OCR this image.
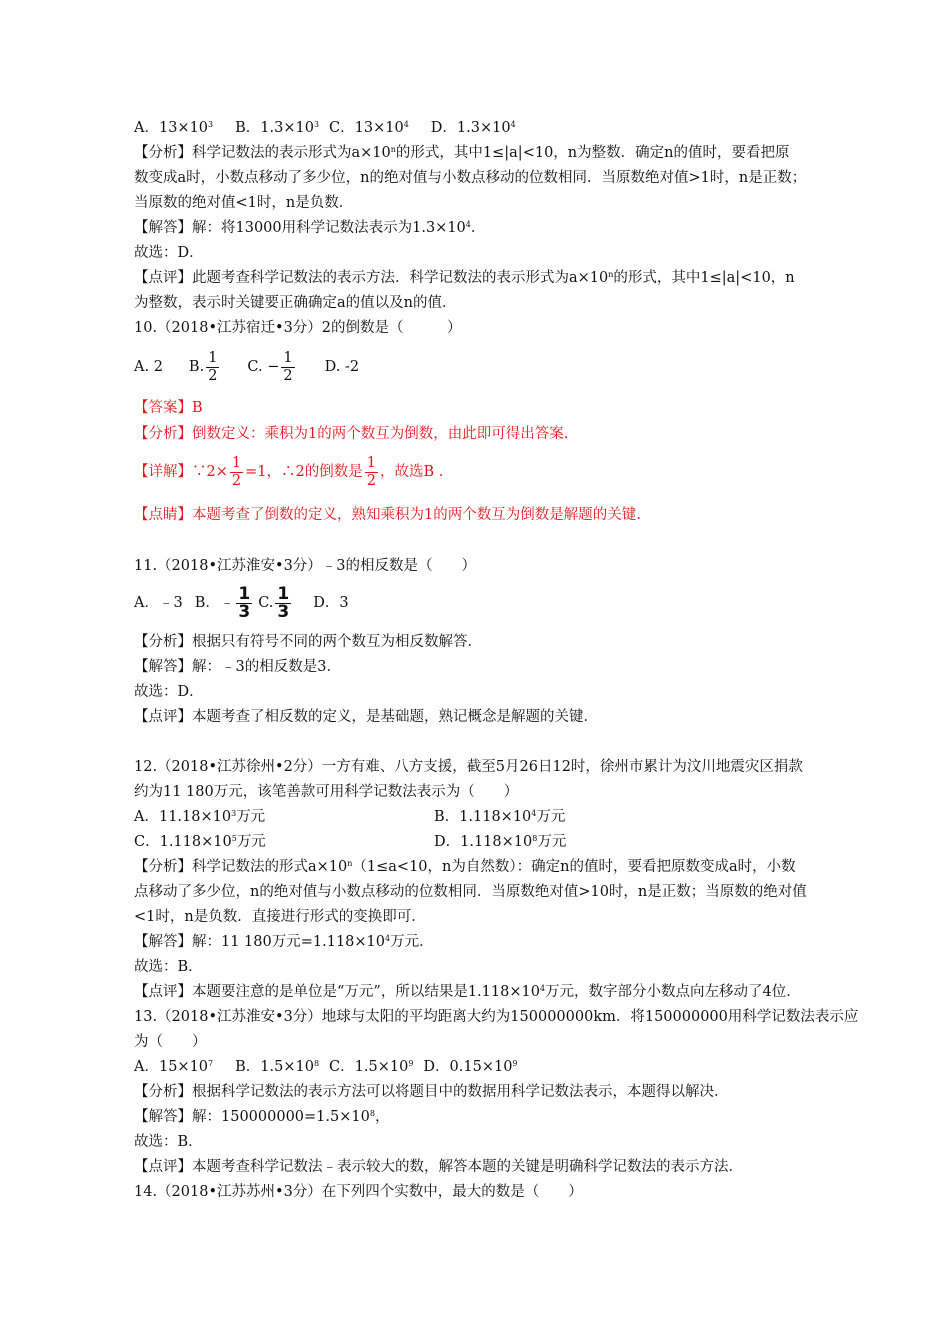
A．$13\times 10^3$ B．$1.3\times 10^3$ C．$13\times 10^4$ D．$1.3\times 10^4$
【分析】科学记数法的表示形式为$a\times 10^n$的形式，其中1≤|a|<10，n为整数．确定n的值时，要看把原
数变成a时，小数点移动了多少位，n的绝对值与小数点移动的位数相同．当原数绝对值>1时，n是正数；
当原数的绝对值<1时，n是负数．
【解答】解：将13000用科学记数法表示为$1.3\times 10^4$．
故选：D．
【点评】此题考查科学记数法的表示方法．科学记数法的表示形式为$a\times 10^n$的形式，其中1≤|a|<10，n
为整数，表示时关键要正确确定a的值以及n的值．
10.（2018•江苏宿迁•3分）2的倒数是（　　　）
A. 2 B. $\frac{1}{2} C$. − $\frac{1}{2} D$. -2
【答案】B
【分析】倒数定义：乘积为1的两个数互为倒数，由此即可得出答案.
【详解】∵2× $\frac{1}{2} =1$，∴2的倒数是 $\frac{1}{2}$ ，故选B .
【点睛】本题考查了倒数的定义，熟知乘积为1的两个数互为倒数是解题的关键.
11.（2018•江苏淮安•3分）﹣3的相反数是（　　）
A．﹣3 B．﹣ $\frac{1}{3} C$. $\frac{1}{3}$ D．3
【分析】根据只有符号不同的两个数互为相反数解答．
【解答】解：﹣3的相反数是3．
故选：D．
【点评】本题考查了相反数的定义，是基础题，熟记概念是解题的关键．
12.（2018•江苏徐州•2分）一方有难、八方支援，截至5月26日12时，徐州市累计为汶川地震灾区捐款
约为11 180万元，该笔善款可用科学记数法表示为（　　）
A．$11.18\times 10^3$万元	B．$1.118\times 10^4$万元
C．$1.118\times 10^5$万元	D．$1.118\times 10^8$万元
【分析】科学记数法的形式$a\times 10^n(1\le a<10$，n为自然数）：确定n的值时，要看把原数变成a时，小数
点移动了多少位，n的绝对值与小数点移动的位数相同．当原数绝对值>10时，n是正数；当原数的绝对值
<1时，n是负数．直接进行形式的变换即可．
【解答】解：11 180万元$=1.118\times 10^4$万元．
故选：B．
【点评】本题要注意的是单位是“万元”，所以结果是$1.118\times 10^4$万元，数字部分小数点向左移动了4位．
13.（2018•江苏淮安•3分）地球与太阳的平均距离大约为150000000km．将150000000用科学记数法表示应
为（　　）
A．$15\times 10^7$ B．$1.5\times 10^8$ C．$1.5\times 10^9$ D．$0.15\times 10^9$
【分析】根据科学记数法的表示方法可以将题目中的数据用科学记数法表示，本题得以解决．
【解答】解：$150000000=1.5\times 10^8$，
故选：B．
【点评】本题考查科学记数法﹣表示较大的数，解答本题的关键是明确科学记数法的表示方法．
14.（2018•江苏苏州•3分）在下列四个实数中，最大的数是（　　）
